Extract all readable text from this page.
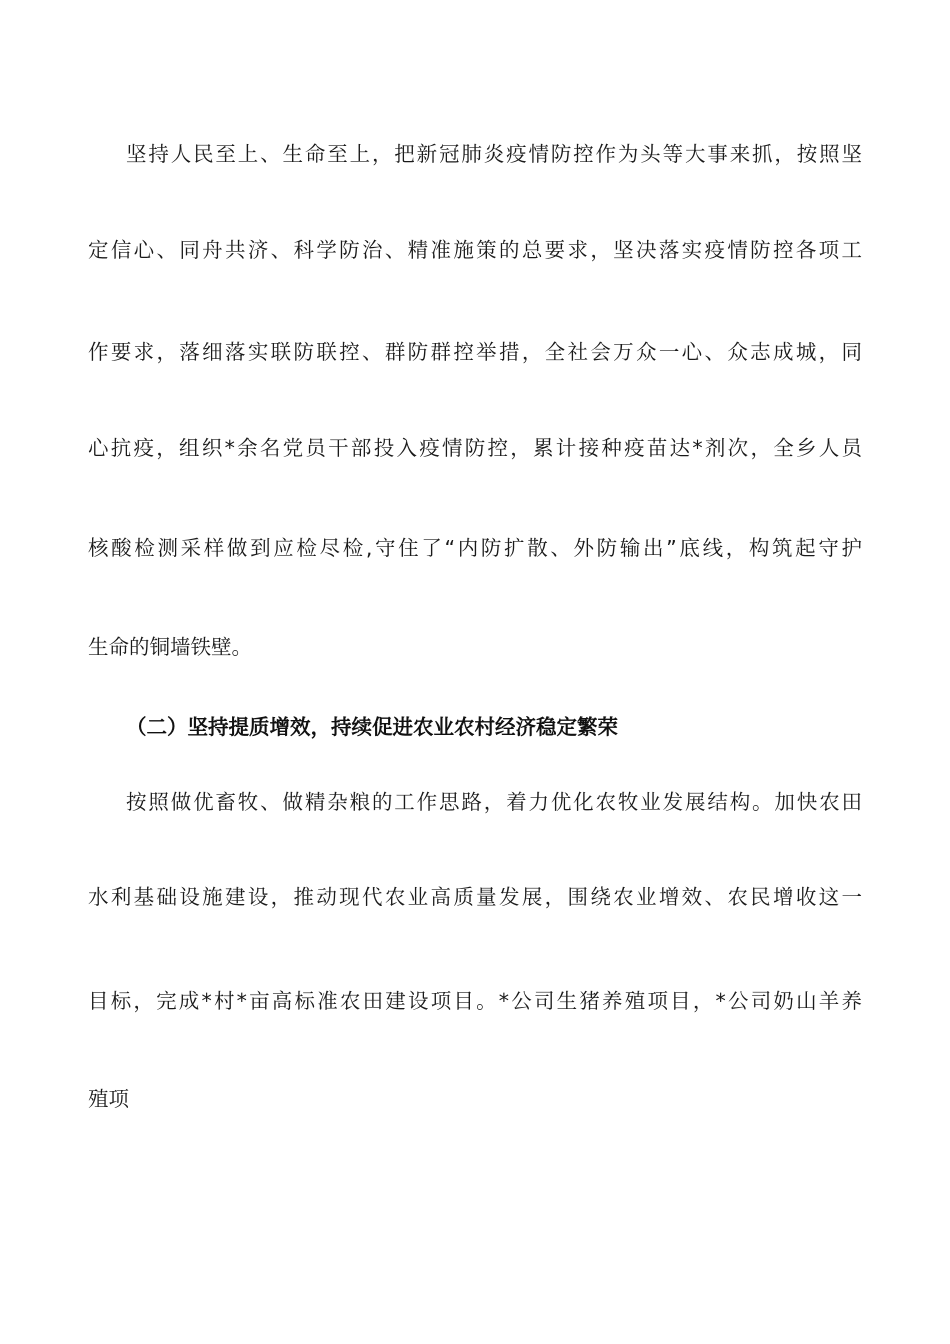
坚持人民至上、生命至上，把新冠肺炎疫情防控作为头等大事来抓，按照坚

定信心、同舟共济、科学防治、精准施策的总要求，坚决落实疫情防控各项工

作要求，落细落实联防联控、群防群控举措，全社会万众一心、众志成城，同

心抗疫，组织*余名党员干部投入疫情防控，累计接种疫苗达*剂次，全乡人员

核酸检测采样做到应检尽检,守住了“内防扩散、外防输出”底线，构筑起守护

生命的铜墙铁壁。

（二）坚持提质增效，持续促进农业农村经济稳定繁荣

按照做优畜牧、做精杂粮的工作思路，着力优化农牧业发展结构。加快农田

水利基础设施建设，推动现代农业高质量发展，围绕农业增效、农民增收这一

目标，完成*村*亩高标准农田建设项目。*公司生猪养殖项目，*公司奶山羊养

殖项
